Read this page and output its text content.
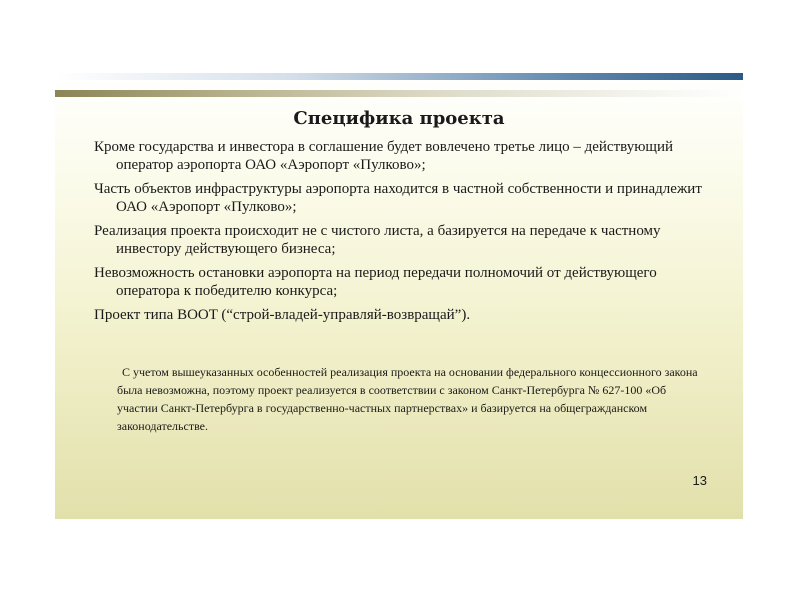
Специфика проекта
Кроме государства и инвестора в соглашение будет вовлечено третье лицо – действующий оператор аэропорта ОАО «Аэропорт «Пулково»;
Часть объектов инфраструктуры аэропорта находится в частной собственности и принадлежит ОАО «Аэропорт «Пулково»;
Реализация проекта происходит не с чистого листа, а базируется на передаче к частному инвестору действующего бизнеса;
Невозможность остановки аэропорта на период передачи полномочий от действующего оператора к победителю конкурса;
Проект типа BOOT (“строй-владей-управляй-возвращай”).

С учетом вышеуказанных особенностей реализация проекта на основании федерального концессионного закона была невозможна, поэтому проект реализуется в соответствии с законом Санкт-Петербурга № 627-100 «Об участии Санкт-Петербурга в государственно-частных партнерствах» и базируется на общегражданском законодательстве.

13
